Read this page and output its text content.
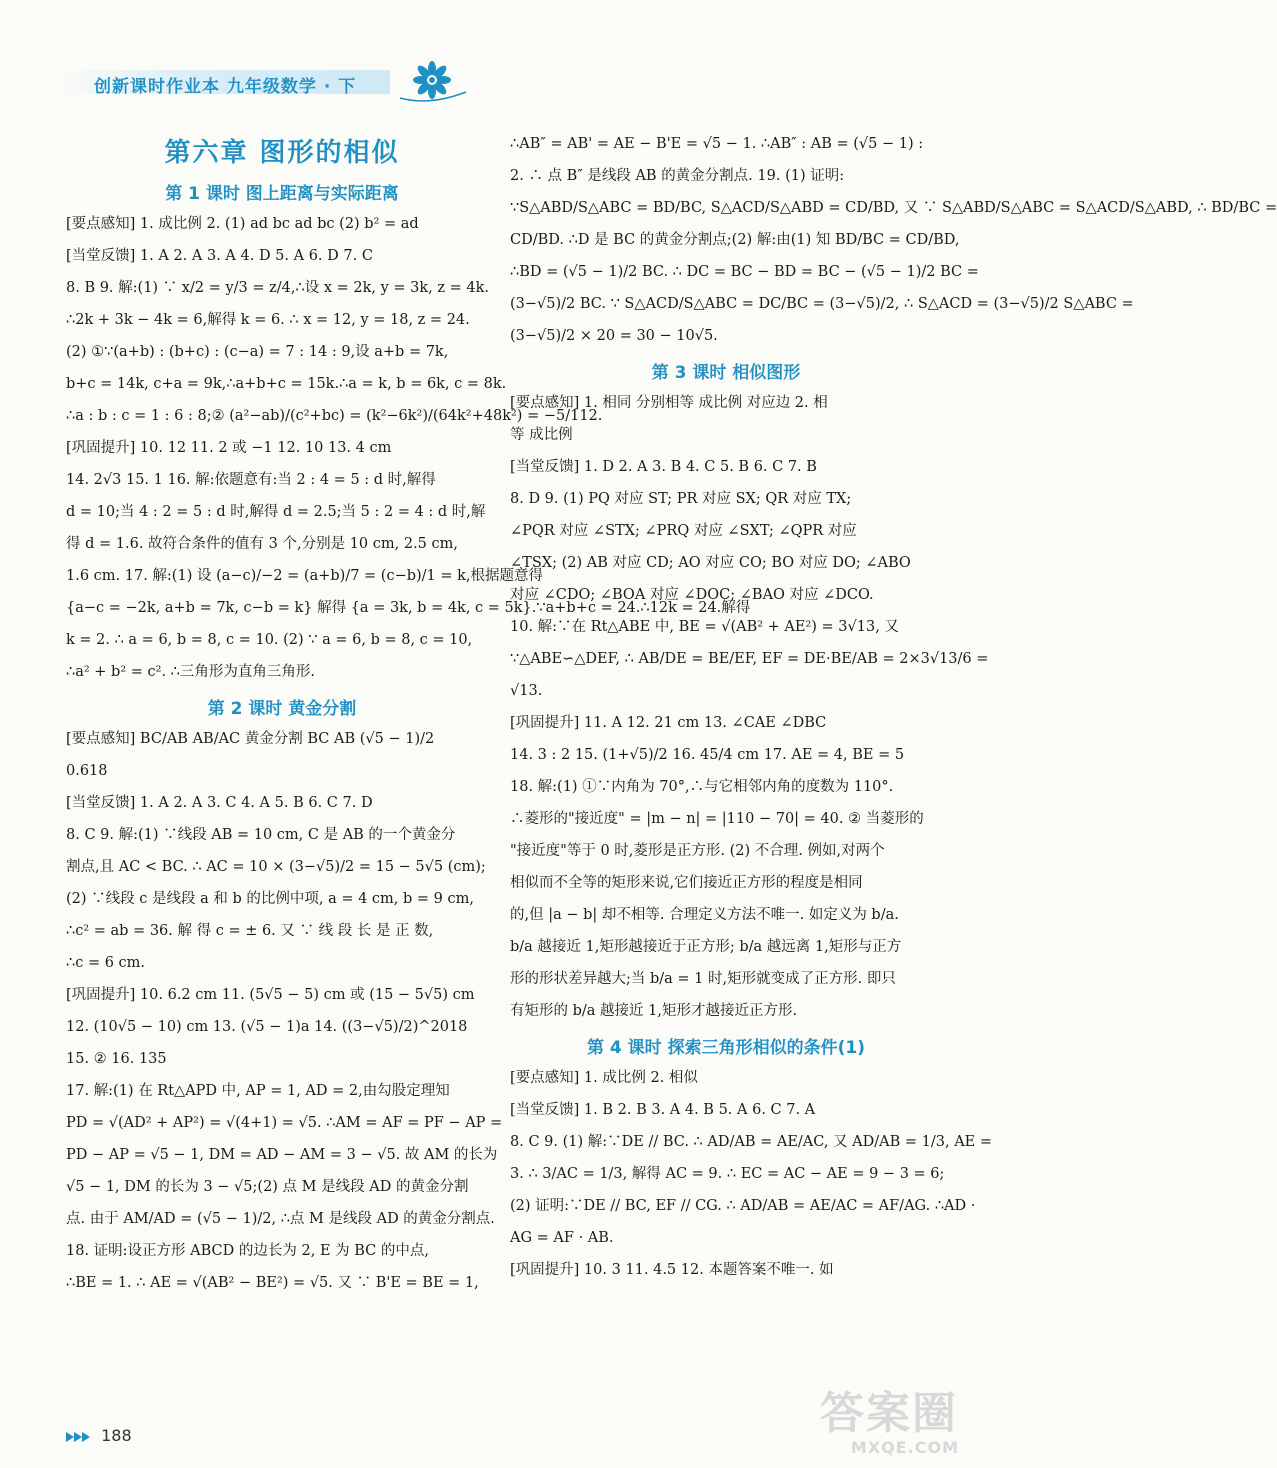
创新课时作业本 九年级数学 · 下
第六章 图形的相似
第 1 课时 图上距离与实际距离
[要点感知] 1. 成比例 2. (1) ad bc ad bc (2) b² = ad
[当堂反馈] 1. A 2. A 3. A 4. D 5. A 6. D 7. C
8. B 9. 解:(1) ∵ x/2 = y/3 = z/4,∴设 x = 2k, y = 3k, z = 4k.
∴2k + 3k − 4k = 6,解得 k = 6. ∴ x = 12, y = 18, z = 24.
(2) ①∵(a+b) : (b+c) : (c−a) = 7 : 14 : 9,设 a+b = 7k,
b+c = 14k, c+a = 9k,∴a+b+c = 15k.∴a = k, b = 6k, c = 8k.
∴a : b : c = 1 : 6 : 8;② (a²−ab)/(c²+bc) = (k²−6k²)/(64k²+48k²) = −5/112.
[巩固提升] 10. 12 11. 2 或 −1 12. 10 13. 4 cm
14. 2√3 15. 1 16. 解:依题意有:当 2 : 4 = 5 : d 时,解得
d = 10;当 4 : 2 = 5 : d 时,解得 d = 2.5;当 5 : 2 = 4 : d 时,解
得 d = 1.6. 故符合条件的值有 3 个,分别是 10 cm, 2.5 cm,
1.6 cm. 17. 解:(1) 设 (a−c)/−2 = (a+b)/7 = (c−b)/1 = k,根据题意得
{a−c = −2k, a+b = 7k, c−b = k} 解得 {a = 3k, b = 4k, c = 5k}.∵a+b+c = 24.∴12k = 24.解得
k = 2. ∴ a = 6, b = 8, c = 10. (2) ∵ a = 6, b = 8, c = 10,
∴a² + b² = c². ∴三角形为直角三角形.
第 2 课时 黄金分割
[要点感知] BC/AB AB/AC 黄金分割 BC AB (√5 − 1)/2
0.618
[当堂反馈] 1. A 2. A 3. C 4. A 5. B 6. C 7. D
8. C 9. 解:(1) ∵线段 AB = 10 cm, C 是 AB 的一个黄金分
割点,且 AC < BC. ∴ AC = 10 × (3−√5)/2 = 15 − 5√5 (cm);
(2) ∵线段 c 是线段 a 和 b 的比例中项, a = 4 cm, b = 9 cm,
∴c² = ab = 36. 解 得 c = ± 6. 又 ∵ 线 段 长 是 正 数,
∴c = 6 cm.
[巩固提升] 10. 6.2 cm 11. (5√5 − 5) cm 或 (15 − 5√5) cm
12. (10√5 − 10) cm 13. (√5 − 1)a 14. ((3−√5)/2)^2018
15. ② 16. 135
17. 解:(1) 在 Rt△APD 中, AP = 1, AD = 2,由勾股定理知
PD = √(AD² + AP²) = √(4+1) = √5. ∴AM = AF = PF − AP =
PD − AP = √5 − 1, DM = AD − AM = 3 − √5. 故 AM 的长为
√5 − 1, DM 的长为 3 − √5;(2) 点 M 是线段 AD 的黄金分割
点. 由于 AM/AD = (√5 − 1)/2, ∴点 M 是线段 AD 的黄金分割点.
18. 证明:设正方形 ABCD 的边长为 2, E 为 BC 的中点,
∴BE = 1. ∴ AE = √(AB² − BE²) = √5. 又 ∵ B'E = BE = 1,
∴AB″ = AB' = AE − B'E = √5 − 1. ∴AB″ : AB = (√5 − 1) :
2. ∴ 点 B″ 是线段 AB 的黄金分割点. 19. (1) 证明:
∵S△ABD/S△ABC = BD/BC, S△ACD/S△ABD = CD/BD, 又 ∵ S△ABD/S△ABC = S△ACD/S△ABD, ∴ BD/BC =
CD/BD. ∴D 是 BC 的黄金分割点;(2) 解:由(1) 知 BD/BC = CD/BD,
∴BD = (√5 − 1)/2 BC. ∴ DC = BC − BD = BC − (√5 − 1)/2 BC =
(3−√5)/2 BC. ∵ S△ACD/S△ABC = DC/BC = (3−√5)/2, ∴ S△ACD = (3−√5)/2 S△ABC =
(3−√5)/2 × 20 = 30 − 10√5.
第 3 课时 相似图形
[要点感知] 1. 相同 分别相等 成比例 对应边 2. 相
等 成比例
[当堂反馈] 1. D 2. A 3. B 4. C 5. B 6. C 7. B
8. D 9. (1) PQ 对应 ST; PR 对应 SX; QR 对应 TX;
∠PQR 对应 ∠STX; ∠PRQ 对应 ∠SXT; ∠QPR 对应
∠TSX; (2) AB 对应 CD; AO 对应 CO; BO 对应 DO; ∠ABO
对应 ∠CDO; ∠BOA 对应 ∠DOC; ∠BAO 对应 ∠DCO.
10. 解:∵在 Rt△ABE 中, BE = √(AB² + AE²) = 3√13, 又
∵△ABE∽△DEF, ∴ AB/DE = BE/EF, EF = DE·BE/AB = 2×3√13/6 =
√13.
[巩固提升] 11. A 12. 21 cm 13. ∠CAE ∠DBC
14. 3 : 2 15. (1+√5)/2 16. 45/4 cm 17. AE = 4, BE = 5
18. 解:(1) ①∵内角为 70°,∴与它相邻内角的度数为 110°.
∴菱形的"接近度" = |m − n| = |110 − 70| = 40. ② 当菱形的
"接近度"等于 0 时,菱形是正方形. (2) 不合理. 例如,对两个
相似而不全等的矩形来说,它们接近正方形的程度是相同
的,但 |a − b| 却不相等. 合理定义方法不唯一. 如定义为 b/a.
b/a 越接近 1,矩形越接近于正方形; b/a 越远离 1,矩形与正方
形的形状差异越大;当 b/a = 1 时,矩形就变成了正方形. 即只
有矩形的 b/a 越接近 1,矩形才越接近正方形.
第 4 课时 探索三角形相似的条件(1)
[要点感知] 1. 成比例 2. 相似
[当堂反馈] 1. B 2. B 3. A 4. B 5. A 6. C 7. A
8. C 9. (1) 解:∵DE // BC. ∴ AD/AB = AE/AC, 又 AD/AB = 1/3, AE =
3. ∴ 3/AC = 1/3, 解得 AC = 9. ∴ EC = AC − AE = 9 − 3 = 6;
(2) 证明:∵DE // BC, EF // CG. ∴ AD/AB = AE/AC = AF/AG. ∴AD ·
AG = AF · AB.
[巩固提升] 10. 3 11. 4.5 12. 本题答案不唯一. 如
188	答案圈
MXQE.COM
